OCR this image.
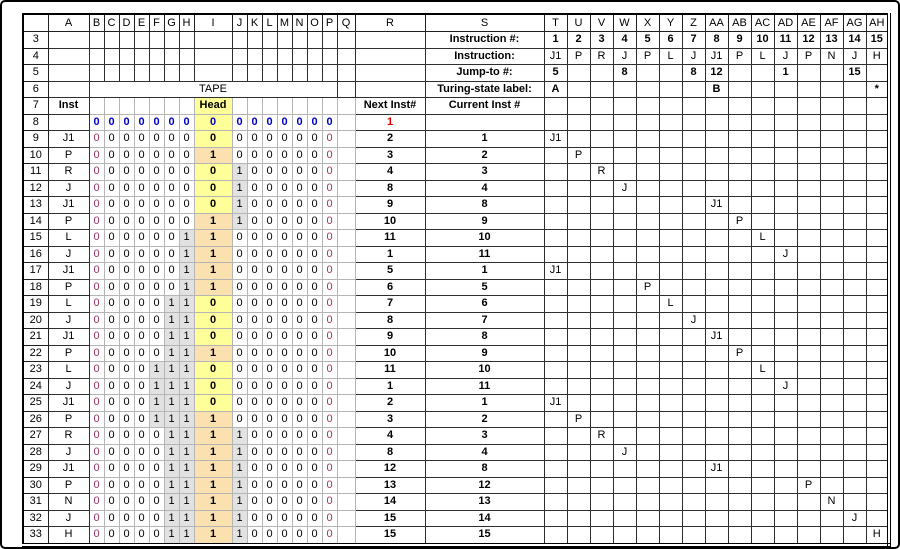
	A	B	C	D	E	F	G	H	I	J	K	L	M	N	O	P	Q	R	S	T	U	V	W	X	Y	Z	AA	AB	AC	AD	AE	AF	AG	AH
3																			Instruction #:	1	2	3	4	5	6	7	8	9	10	11	12	13	14	15
4																			Instruction:	J1	P	R	J	P	L	J	J1	P	L	J	P	N	J	H
5																			Jump-to #:	5			8			8	12			1			15	
6		TAPE																	Turing-state label:	A							B							*
7	Inst								Head									Next Inst#	Current Inst #															
8		0	0	0	0	0	0	0	0	0	0	0	0	0	0	0		1																
9	J1	0	0	0	0	0	0	0	0	0	0	0	0	0	0	0		2	1	J1														
10	P	0	0	0	0	0	0	0	1	0	0	0	0	0	0	0		3	2		P													
11	R	0	0	0	0	0	0	0	0	1	0	0	0	0	0	0		4	3			R												
12	J	0	0	0	0	0	0	0	0	1	0	0	0	0	0	0		8	4				J											
13	J1	0	0	0	0	0	0	0	0	1	0	0	0	0	0	0		9	8								J1							
14	P	0	0	0	0	0	0	0	1	1	0	0	0	0	0	0		10	9									P						
15	L	0	0	0	0	0	0	1	1	0	0	0	0	0	0	0		11	10										L					
16	J	0	0	0	0	0	0	1	1	0	0	0	0	0	0	0		1	11											J				
17	J1	0	0	0	0	0	0	1	1	0	0	0	0	0	0	0		5	1	J1														
18	P	0	0	0	0	0	0	1	1	0	0	0	0	0	0	0		6	5					P										
19	L	0	0	0	0	0	1	1	0	0	0	0	0	0	0	0		7	6						L									
20	J	0	0	0	0	0	1	1	0	0	0	0	0	0	0	0		8	7							J								
21	J1	0	0	0	0	0	1	1	0	0	0	0	0	0	0	0		9	8								J1							
22	P	0	0	0	0	0	1	1	1	0	0	0	0	0	0	0		10	9									P						
23	L	0	0	0	0	1	1	1	0	0	0	0	0	0	0	0		11	10										L					
24	J	0	0	0	0	1	1	1	0	0	0	0	0	0	0	0		1	11											J				
25	J1	0	0	0	0	1	1	1	0	0	0	0	0	0	0	0		2	1	J1														
26	P	0	0	0	0	1	1	1	1	0	0	0	0	0	0	0		3	2		P													
27	R	0	0	0	0	0	1	1	1	1	0	0	0	0	0	0		4	3			R												
28	J	0	0	0	0	0	1	1	1	1	0	0	0	0	0	0		8	4				J											
29	J1	0	0	0	0	0	1	1	1	1	0	0	0	0	0	0		12	8								J1							
30	P	0	0	0	0	0	1	1	1	1	0	0	0	0	0	0		13	12												P			
31	N	0	0	0	0	0	1	1	1	1	0	0	0	0	0	0		14	13													N		
32	J	0	0	0	0	0	1	1	1	1	0	0	0	0	0	0		15	14														J	
33	H	0	0	0	0	0	1	1	1	1	0	0	0	0	0	0		15	15															H
